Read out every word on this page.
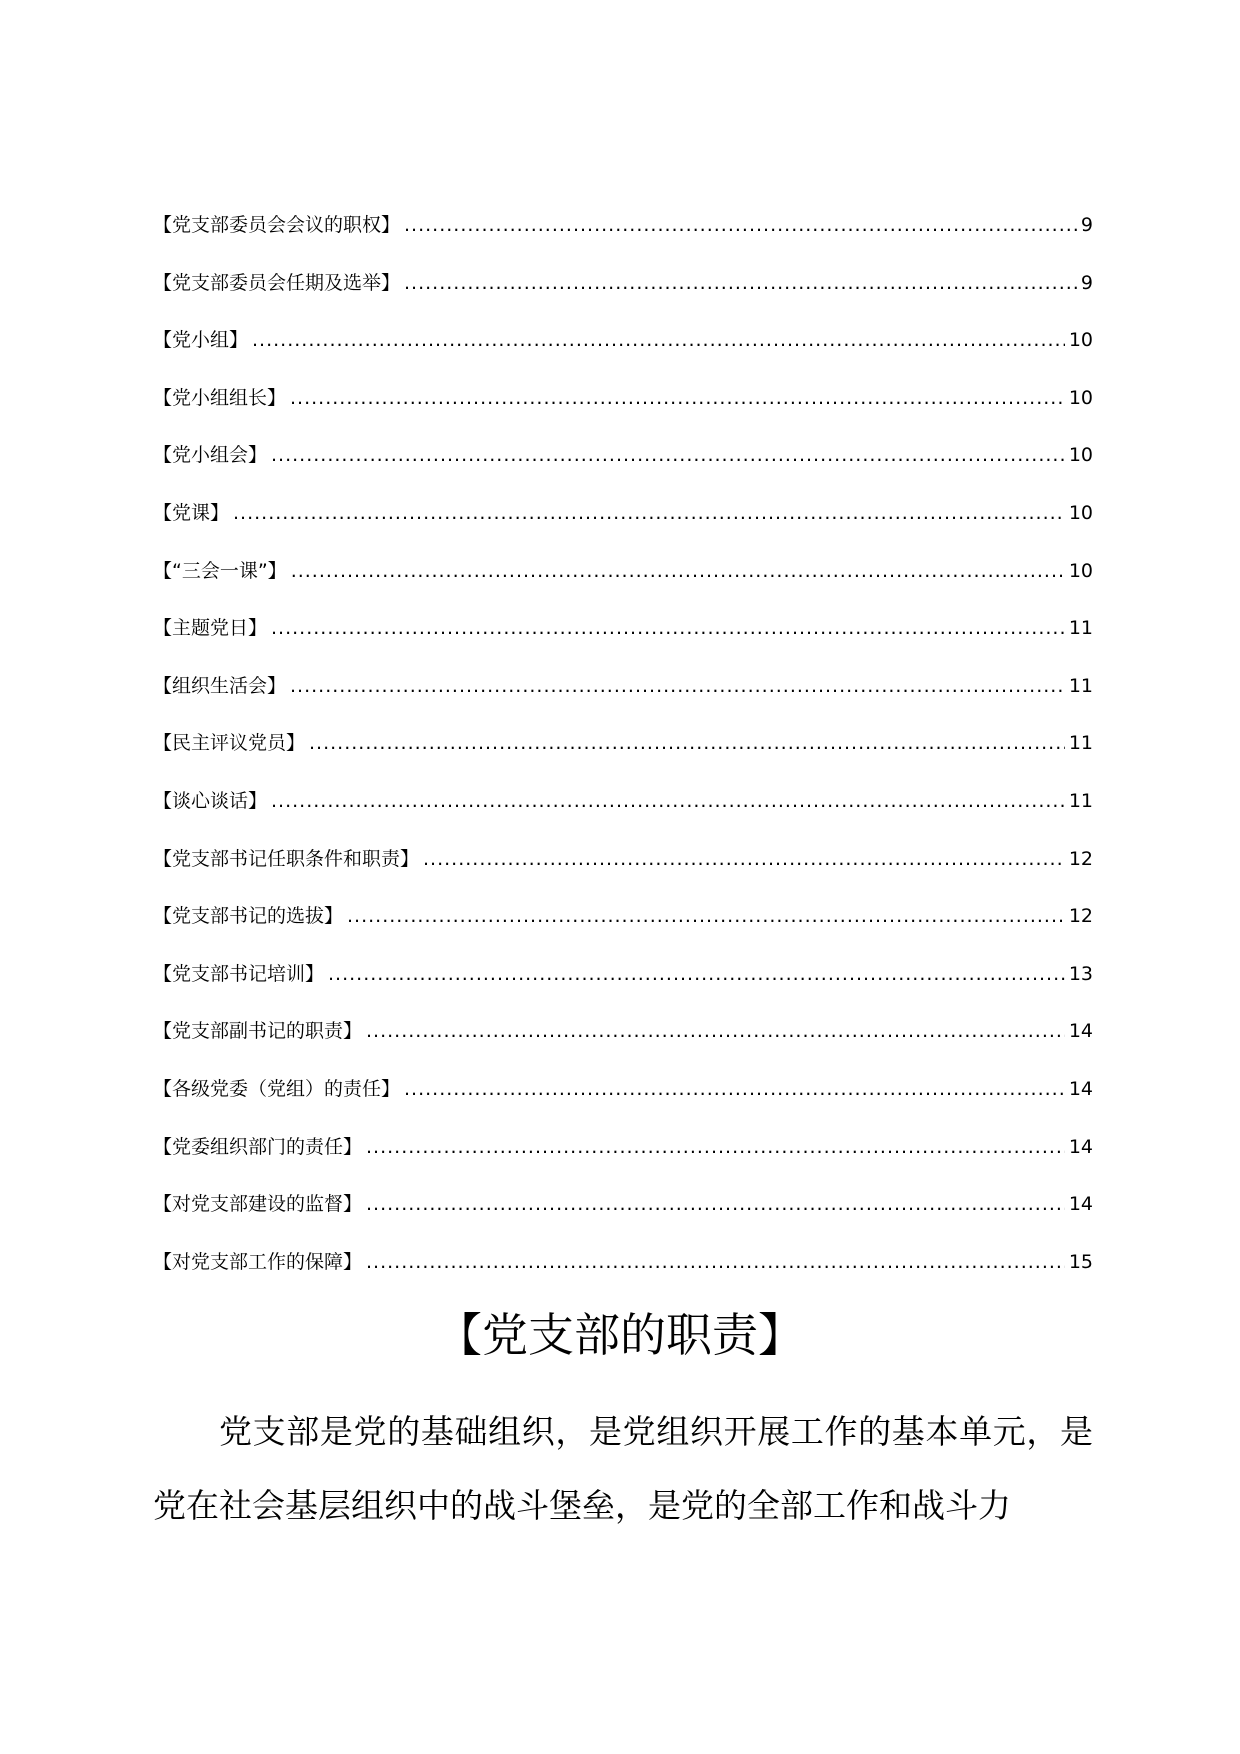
【党支部委员会会议的职权】 .....	9
【党支部委员会任期及选举】 .....	9
【党小组】 .....	10
【党小组组长】 .....	10
【党小组会】 .....	10
【党课】 .....	10
【“三会一课”】 .....	10
【主题党日】 .....	11
【组织生活会】 .....	11
【民主评议党员】 .....	11
【谈心谈话】 .....	11
【党支部书记任职条件和职责】 .....	12
【党支部书记的选拔】 .....	12
【党支部书记培训】 .....	13
【党支部副书记的职责】 .....	14
【各级党委（党组）的责任】 .....	14
【党委组织部门的责任】 .....	14
【对党支部建设的监督】 .....	14
【对党支部工作的保障】 .....	15
【党支部的职责】
党支部是党的基础组织，是党组织开展工作的基本单元，是党在社会基层组织中的战斗堡垒，是党的全部工作和战斗力
